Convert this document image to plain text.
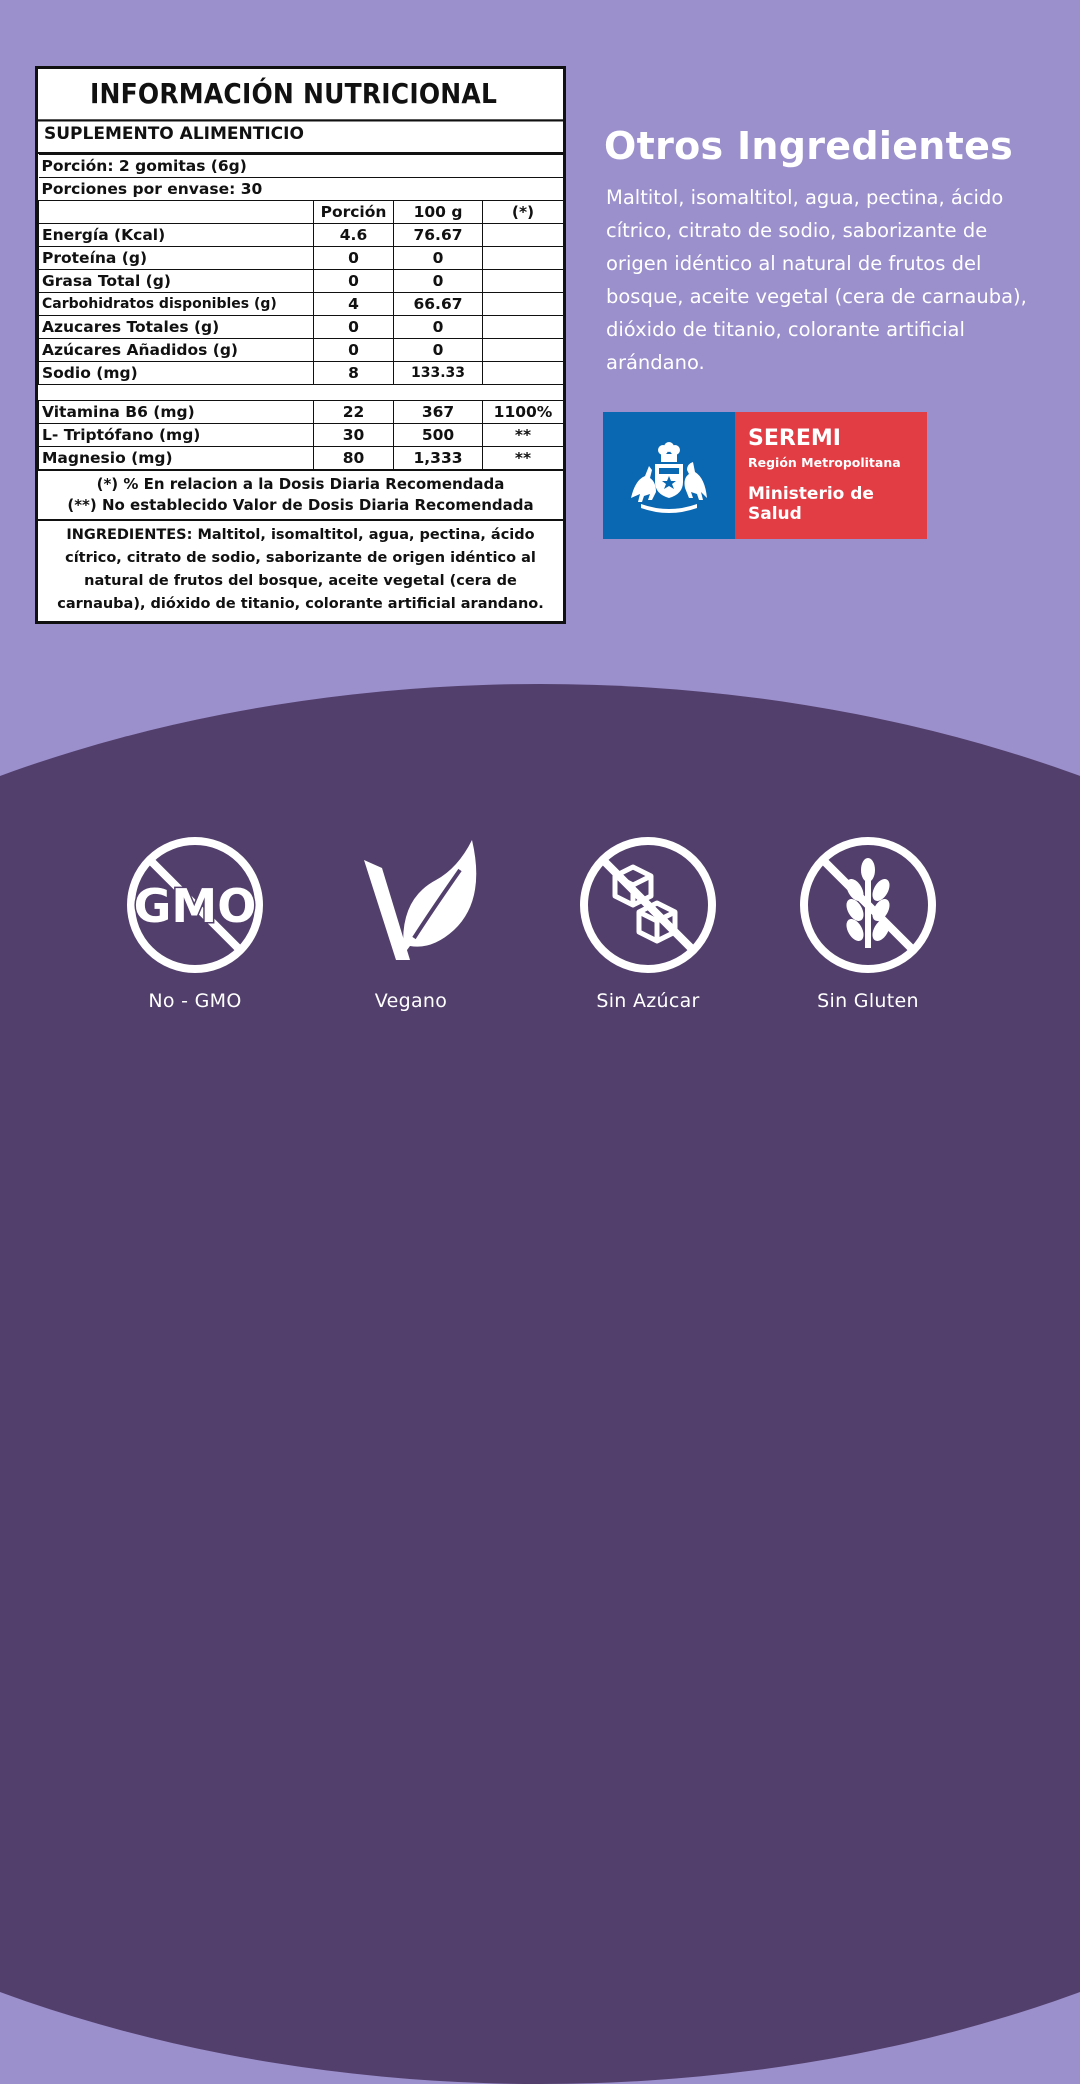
INFORMACIÓN NUTRICIONAL
SUPLEMENTO ALIMENTICIO
Porción: 2 gomitas (6g)			
Porciones por envase: 30			
	Porción	100 g	(*)
Energía (Kcal)	4.6	76.67	
Proteína (g)	0	0	
Grasa Total (g)	0	0	
Carbohidratos disponibles (g)	4	66.67	
Azucares Totales (g)	0	0	
Azúcares Añadidos (g)	0	0	
Sodio (mg)	8	133.33	

Vitamina B6 (mg)	22	367	1100%
L- Triptófano (mg)	30	500	**
Magnesio (mg)	80	1,333	**
(*) % En relacion a la Dosis Diaria Recomendada
(**) No establecido Valor de Dosis Diaria Recomendada
INGREDIENTES: Maltitol, isomaltitol, agua, pectina, ácido cítrico, citrato de sodio, saborizante de origen idéntico al natural de frutos del bosque, aceite vegetal (cera de carnauba), dióxido de titanio, colorante artificial arandano.
Otros Ingredientes
Maltitol, isomaltitol, agua, pectina, ácido cítrico, citrato de sodio, saborizante de origen idéntico al natural de frutos del bosque, aceite vegetal (cera de carnauba), dióxido de titanio, colorante artificial arándano.
SEREMI
Región Metropolitana
Ministerio de Salud
GMO
No - GMO	Vegano	Sin Azúcar	Sin Gluten
